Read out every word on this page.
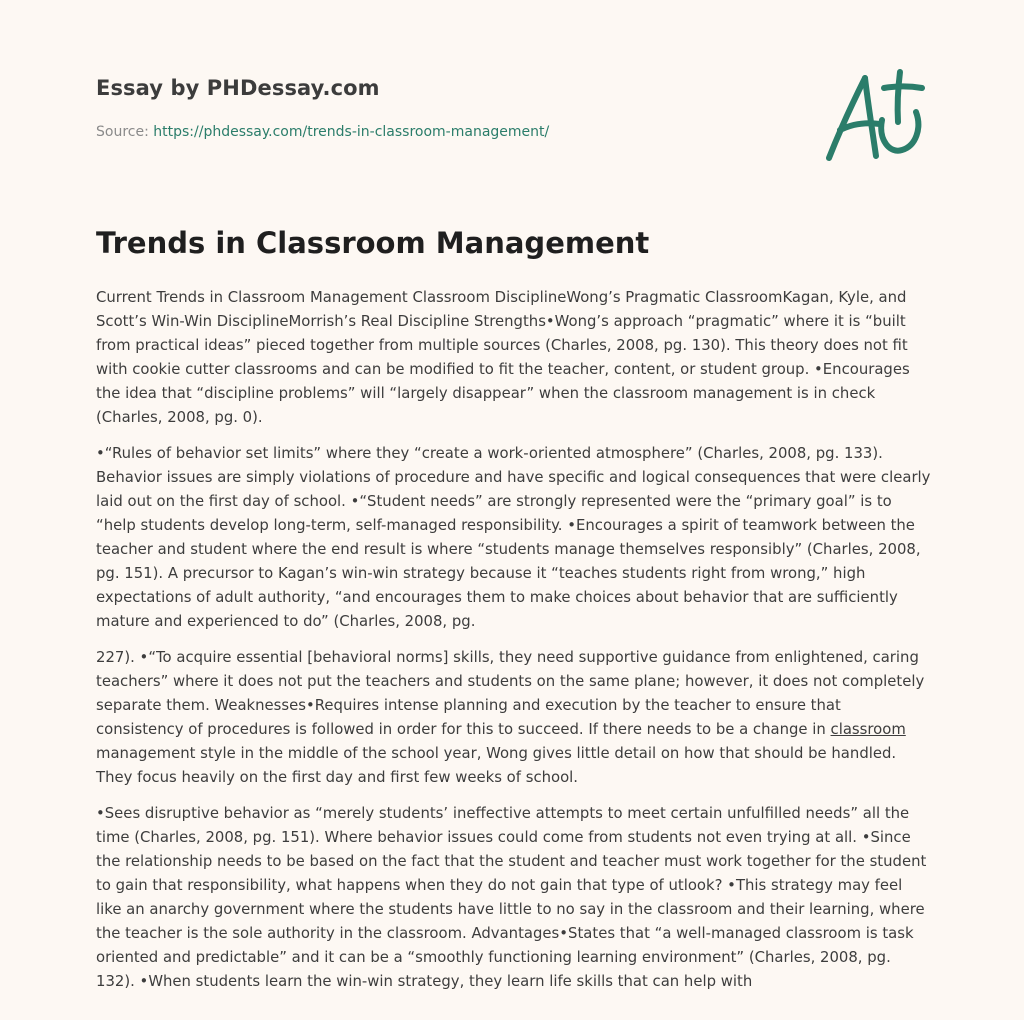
Essay by PHDessay.com
Source: https://phdessay.com/trends-in-classroom-management/
Trends in Classroom Management

Current Trends in Classroom Management Classroom DisciplineWong’s Pragmatic ClassroomKagan, Kyle, and Scott’s Win-Win DisciplineMorrish’s Real Discipline Strengths•Wong’s approach “pragmatic” where it is “built from practical ideas” pieced together from multiple sources (Charles, 2008, pg. 130). This theory does not fit with cookie cutter classrooms and can be modified to fit the teacher, content, or student group. •Encourages the idea that “discipline problems” will “largely disappear” when the classroom management is in check (Charles, 2008, pg. 0).

•“Rules of behavior set limits” where they “create a work-oriented atmosphere” (Charles, 2008, pg. 133). Behavior issues are simply violations of procedure and have specific and logical consequences that were clearly laid out on the first day of school. •“Student needs” are strongly represented were the “primary goal” is to “help students develop long-term, self-managed responsibility. •Encourages a spirit of teamwork between the teacher and student where the end result is where “students manage themselves responsibly” (Charles, 2008, pg. 151). A precursor to Kagan’s win-win strategy because it “teaches students right from wrong,” high expectations of adult authority, “and encourages them to make choices about behavior that are sufficiently mature and experienced to do” (Charles, 2008, pg.

227). •“To acquire essential [behavioral norms] skills, they need supportive guidance from enlightened, caring teachers” where it does not put the teachers and students on the same plane; however, it does not completely separate them. Weaknesses•Requires intense planning and execution by the teacher to ensure that consistency of procedures is followed in order for this to succeed. If there needs to be a change in classroom management style in the middle of the school year, Wong gives little detail on how that should be handled. They focus heavily on the first day and first few weeks of school.

•Sees disruptive behavior as “merely students’ ineffective attempts to meet certain unfulfilled needs” all the time (Charles, 2008, pg. 151). Where behavior issues could come from students not even trying at all. •Since the relationship needs to be based on the fact that the student and teacher must work together for the student to gain that responsibility, what happens when they do not gain that type of utlook? •This strategy may feel like an anarchy government where the students have little to no say in the classroom and their learning, where the teacher is the sole authority in the classroom. Advantages•States that “a well-managed classroom is task oriented and predictable” and it can be a “smoothly functioning learning environment” (Charles, 2008, pg. 132). •When students learn the win-win strategy, they learn life skills that can help with
